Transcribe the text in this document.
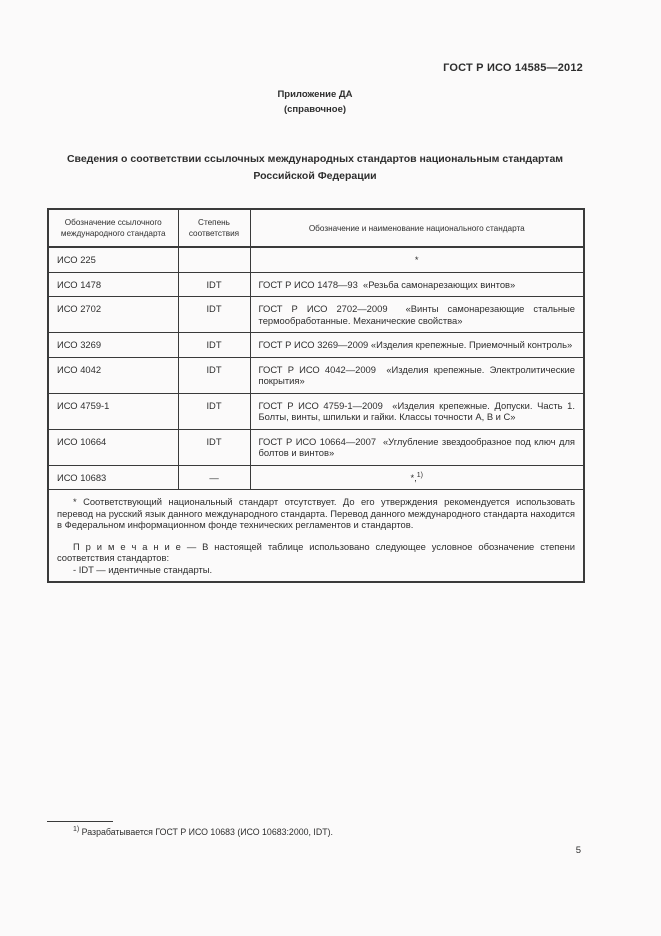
ГОСТ Р ИСО 14585—2012
Приложение ДА
(справочное)
Сведения о соответствии ссылочных международных стандартов национальным стандартам
Российской Федерации
Обозначение ссылочного международного стандарта	Степень соответствия	Обозначение и наименование национального стандарта
ИСО 225		*
ИСО 1478	IDT	ГОСТ Р ИСО 1478—93  «Резьба самонарезающих винтов»
ИСО 2702	IDT	ГОСТ Р ИСО 2702—2009  «Винты самонарезающие стальные термообработанные. Механические свойства»
ИСО 3269	IDT	ГОСТ Р ИСО 3269—2009 «Изделия крепежные. Приемочный контроль»
ИСО 4042	IDT	ГОСТ Р ИСО 4042—2009  «Изделия крепежные. Электролитические покрытия»
ИСО 4759-1	IDT	ГОСТ Р ИСО 4759-1—2009  «Изделия крепежные. Допуски. Часть 1. Болты, винты, шпильки и гайки. Классы точности А, В и С»
ИСО 10664	IDT	ГОСТ Р ИСО 10664—2007  «Углубление звездообразное под ключ для болтов и винтов»
ИСО 10683	—	*,$^{1)}$

* Соответствующий национальный стандарт отсутствует. До его утверждения рекомендуется использовать перевод на русский язык данного международного стандарта. Перевод данного международного стандарта находится в Федеральном информационном фонде технических регламентов и стандартов.

П р и м е ч а н и е — В настоящей таблице использовано следующее условное обозначение степени соответствия стандартов:

- IDT — идентичные стандарты.		

$^{1)}$ Разрабатывается ГОСТ Р ИСО 10683 (ИСО 10683:2000, IDT).
5
